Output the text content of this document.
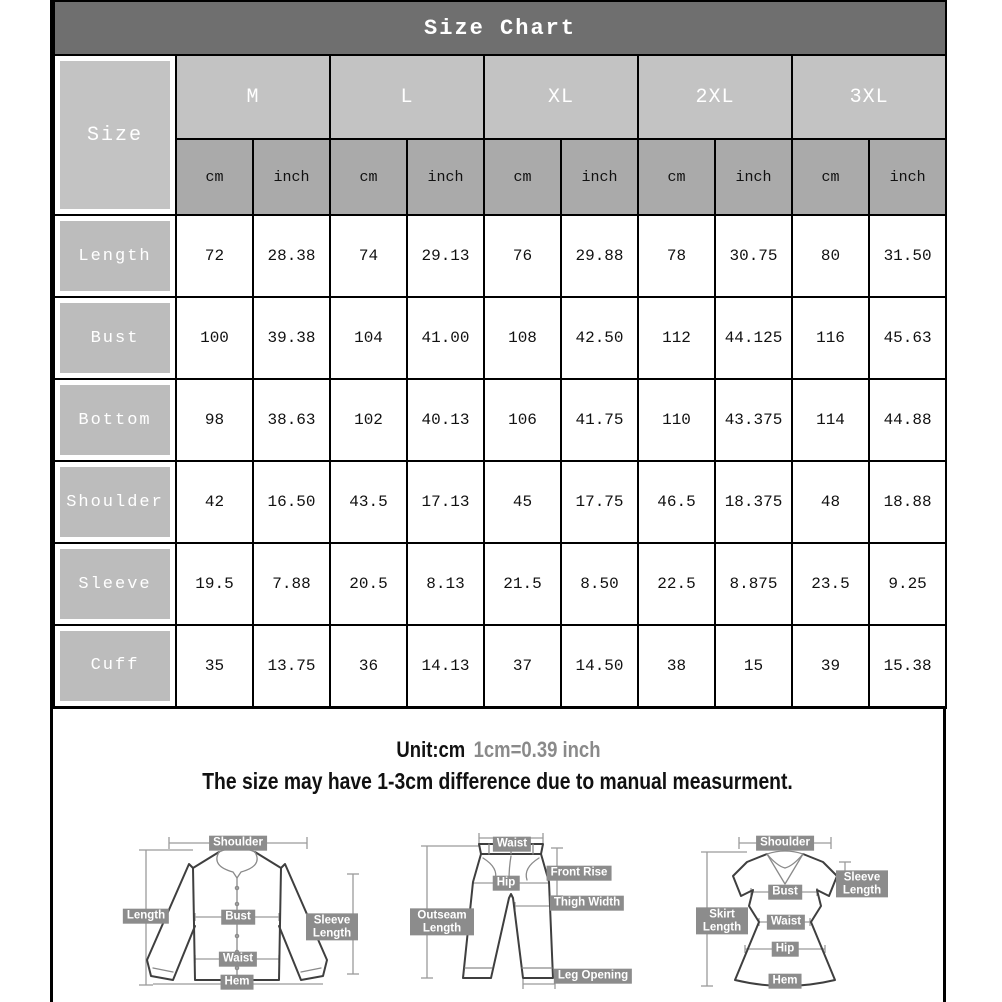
Size Chart										
Size	M		L		XL		2XL		3XL	
	cm	inch	cm	inch	cm	inch	cm	inch	cm	inch
Length	72	28.38	74	29.13	76	29.88	78	30.75	80	31.50
Bust	100	39.38	104	41.00	108	42.50	112	44.125	116	45.63
Bottom	98	38.63	102	40.13	106	41.75	110	43.375	114	44.88
Shoulder	42	16.50	43.5	17.13	45	17.75	46.5	18.375	48	18.88
Sleeve	19.5	7.88	20.5	8.13	21.5	8.50	22.5	8.875	23.5	9.25
Cuff	35	13.75	36	14.13	37	14.50	38	15	39	15.38
Unit:cm 1cm=0.39 inch
The size may have 1-3cm difference due to manual measurment.
Shoulder
Length	Bust
Waist
Hem
Sleeve Length
Waist
Front Rise
Hip
Thigh Width
Outseam Length
Leg Opening
Shoulder
Sleeve Length
Bust
Skirt Length	Waist
Hip
Hem
